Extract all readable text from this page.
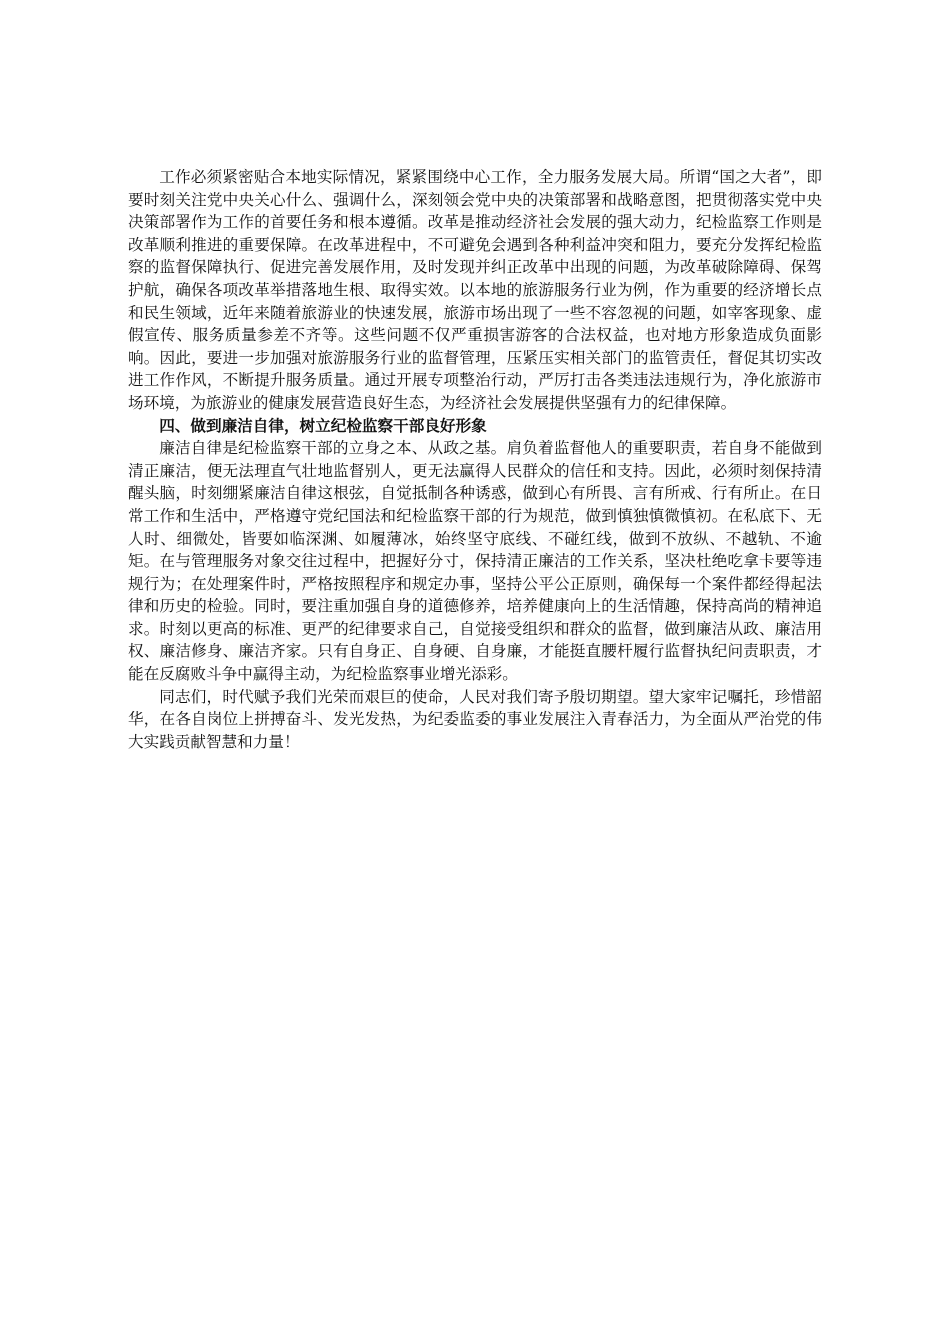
工作必须紧密贴合本地实际情况，紧紧围绕中心工作，全力服务发展大局。所谓“国之大者”，即要时刻关注党中央关心什么、强调什么，深刻领会党中央的决策部署和战略意图，把贯彻落实党中央决策部署作为工作的首要任务和根本遵循。改革是推动经济社会发展的强大动力，纪检监察工作则是改革顺利推进的重要保障。在改革进程中，不可避免会遇到各种利益冲突和阻力，要充分发挥纪检监察的监督保障执行、促进完善发展作用，及时发现并纠正改革中出现的问题，为改革破除障碍、保驾护航，确保各项改革举措落地生根、取得实效。以本地的旅游服务行业为例，作为重要的经济增长点和民生领域，近年来随着旅游业的快速发展，旅游市场出现了一些不容忽视的问题，如宰客现象、虚假宣传、服务质量参差不齐等。这些问题不仅严重损害游客的合法权益，也对地方形象造成负面影响。因此，要进一步加强对旅游服务行业的监督管理，压紧压实相关部门的监管责任，督促其切实改进工作作风，不断提升服务质量。通过开展专项整治行动，严厉打击各类违法违规行为，净化旅游市场环境，为旅游业的健康发展营造良好生态，为经济社会发展提供坚强有力的纪律保障。

四、做到廉洁自律，树立纪检监察干部良好形象

廉洁自律是纪检监察干部的立身之本、从政之基。肩负着监督他人的重要职责，若自身不能做到清正廉洁，便无法理直气壮地监督别人，更无法赢得人民群众的信任和支持。因此，必须时刻保持清醒头脑，时刻绷紧廉洁自律这根弦，自觉抵制各种诱惑，做到心有所畏、言有所戒、行有所止。在日常工作和生活中，严格遵守党纪国法和纪检监察干部的行为规范，做到慎独慎微慎初。在私底下、无人时、细微处，皆要如临深渊、如履薄冰，始终坚守底线、不碰红线，做到不放纵、不越轨、不逾矩。在与管理服务对象交往过程中，把握好分寸，保持清正廉洁的工作关系，坚决杜绝吃拿卡要等违规行为；在处理案件时，严格按照程序和规定办事，坚持公平公正原则，确保每一个案件都经得起法律和历史的检验。同时，要注重加强自身的道德修养，培养健康向上的生活情趣，保持高尚的精神追求。时刻以更高的标准、更严的纪律要求自己，自觉接受组织和群众的监督，做到廉洁从政、廉洁用权、廉洁修身、廉洁齐家。只有自身正、自身硬、自身廉，才能挺直腰杆履行监督执纪问责职责，才能在反腐败斗争中赢得主动，为纪检监察事业增光添彩。

同志们，时代赋予我们光荣而艰巨的使命，人民对我们寄予殷切期望。望大家牢记嘱托，珍惜韶华，在各自岗位上拼搏奋斗、发光发热，为纪委监委的事业发展注入青春活力，为全面从严治党的伟大实践贡献智慧和力量！
